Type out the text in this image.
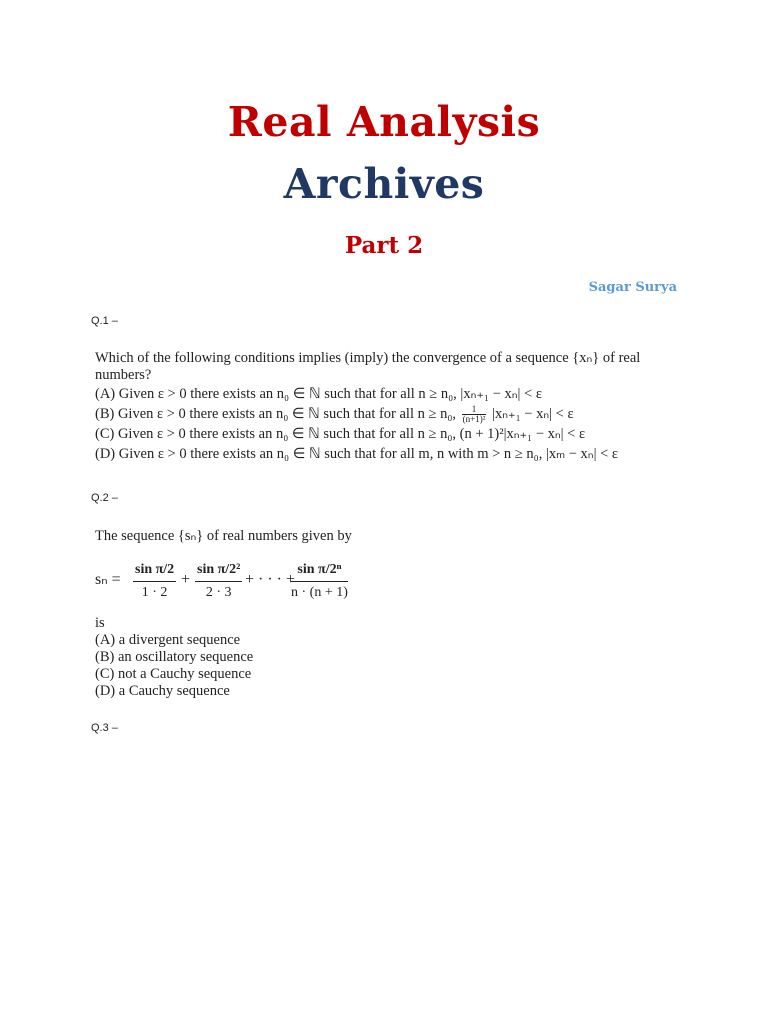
Real Analysis
Archives
Part 2
Sagar Surya
Q.1 –
Which of the following conditions implies (imply) the convergence of a sequence {xₙ} of real numbers?
(A) Given ε > 0 there exists an n₀ ∈ ℕ such that for all n ≥ n₀, |xₙ₊₁ − xₙ| < ε
(B) Given ε > 0 there exists an n₀ ∈ ℕ such that for all n ≥ n₀, $\frac{1}{\text{(n+1)²}} |x_{n+1} - x_n| < \varepsilon$
(C) Given ε > 0 there exists an n₀ ∈ ℕ such that for all n ≥ n₀, (n + 1)²|xₙ₊₁ − xₙ| < ε
(D) Given ε > 0 there exists an n₀ ∈ ℕ such that for all m, n with m > n ≥ n₀, |xₘ − xₙ| < ε
Q.2 –
The sequence {sₙ} of real numbers given by
$s_n = \frac{\text{sin π/2}}{1 \cdot 2} + \frac{\text{sin π/2²}}{2 \cdot 3}$ + · · · +
$\frac{\text{sin π/2ⁿ}}{n \cdot (n + 1)}$
is
(A) a divergent sequence
(B) an oscillatory sequence
(C) not a Cauchy sequence
(D) a Cauchy sequence
Q.3 –
